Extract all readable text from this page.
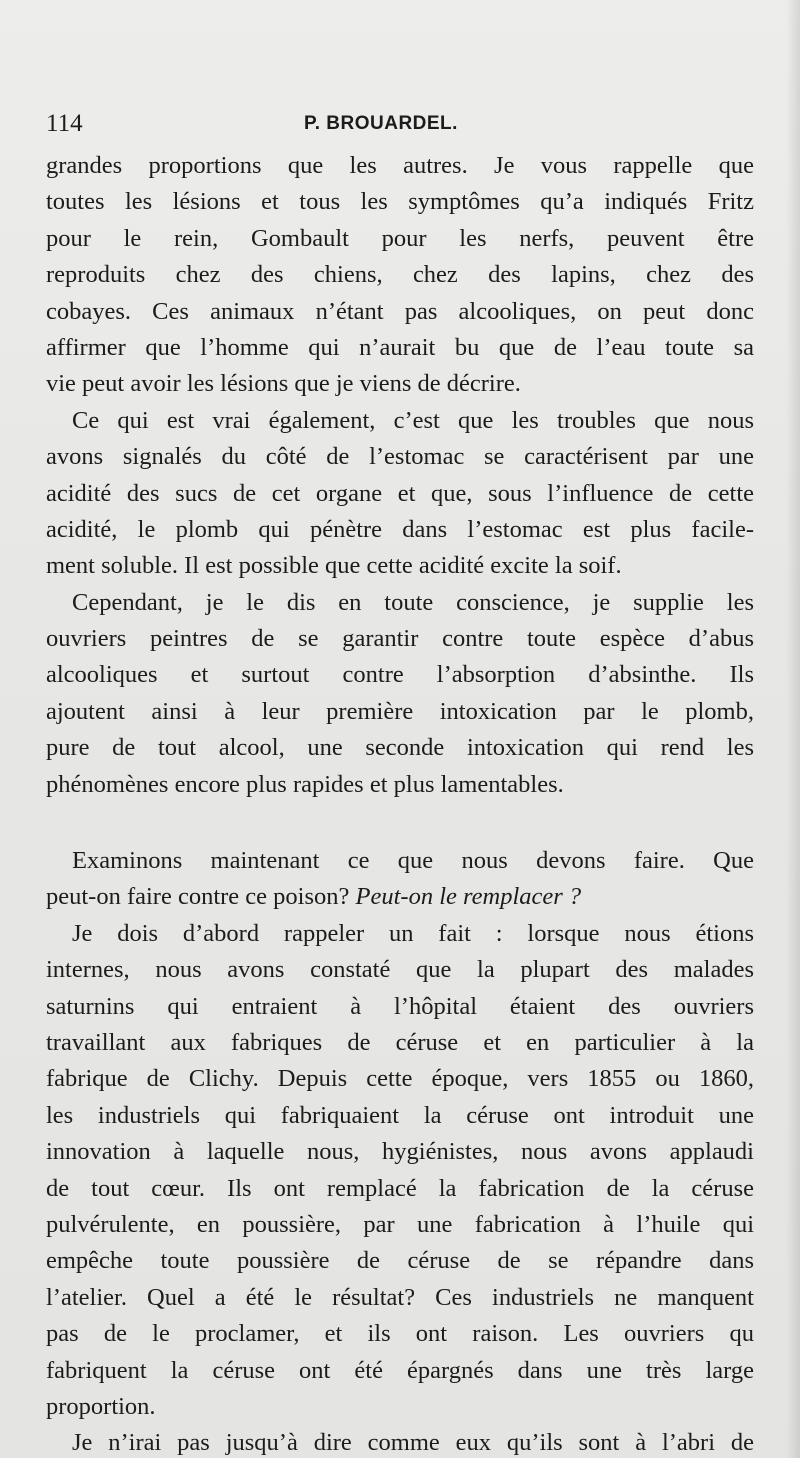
114	P. BROUARDEL.
grandes proportions que les autres. Je vous rappelle que
toutes les lésions et tous les symptômes qu’a indiqués Fritz
pour le rein, Gombault pour les nerfs, peuvent être
reproduits chez des chiens, chez des lapins, chez des
cobayes. Ces animaux n’étant pas alcooliques, on peut donc
affirmer que l’homme qui n’aurait bu que de l’eau toute sa
vie peut avoir les lésions que je viens de décrire.
Ce qui est vrai également, c’est que les troubles que nous
avons signalés du côté de l’estomac se caractérisent par une
acidité des sucs de cet organe et que, sous l’influence de cette
acidité, le plomb qui pénètre dans l’estomac est plus facile-
ment soluble. Il est possible que cette acidité excite la soif.
Cependant, je le dis en toute conscience, je supplie les
ouvriers peintres de se garantir contre toute espèce d’abus
alcooliques et surtout contre l’absorption d’absinthe. Ils
ajoutent ainsi à leur première intoxication par le plomb,
pure de tout alcool, une seconde intoxication qui rend les
phénomènes encore plus rapides et plus lamentables.
Examinons maintenant ce que nous devons faire. Que
peut-on faire contre ce poison? Peut-on le remplacer ?
Je dois d’abord rappeler un fait : lorsque nous étions
internes, nous avons constaté que la plupart des malades
saturnins qui entraient à l’hôpital étaient des ouvriers
travaillant aux fabriques de céruse et en particulier à la
fabrique de Clichy. Depuis cette époque, vers 1855 ou 1860,
les industriels qui fabriquaient la céruse ont introduit une
innovation à laquelle nous, hygiénistes, nous avons applaudi
de tout cœur. Ils ont remplacé la fabrication de la céruse
pulvérulente, en poussière, par une fabrication à l’huile qui
empêche toute poussière de céruse de se répandre dans
l’atelier. Quel a été le résultat? Ces industriels ne manquent
pas de le proclamer, et ils ont raison. Les ouvriers qu
fabriquent la céruse ont été épargnés dans une très large
proportion.
Je n’irai pas jusqu’à dire comme eux qu’ils sont à l’abri de
